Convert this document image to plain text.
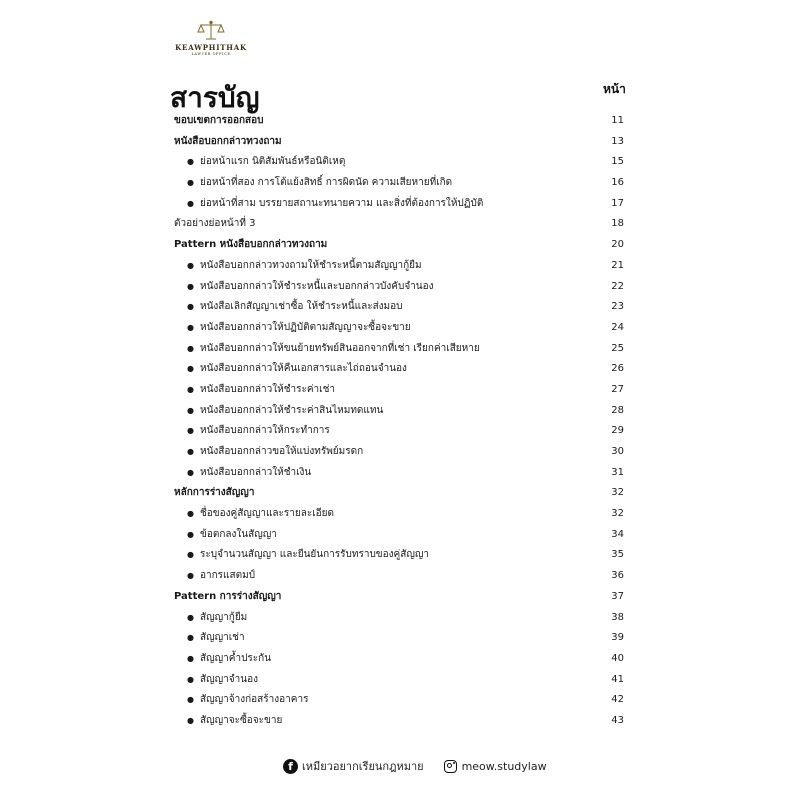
KEAWPHITHAK
LAWYER OFFICE
สารบัญ	หน้า
ขอบเขตการออกสอบ	11
หนังสือบอกกล่าวทวงถาม	13
● ย่อหน้าแรก นิติสัมพันธ์หรือนิติเหตุ	15
● ย่อหน้าที่สอง การโต้แย้งสิทธิ์ การผิดนัด ความเสียหายที่เกิด	16
● ย่อหน้าที่สาม บรรยายสถานะทนายความ และสิ่งที่ต้องการให้ปฏิบัติ	17
ตัวอย่างย่อหน้าที่ 3	18
Pattern หนังสือบอกกล่าวทวงถาม	20
● หนังสือบอกกล่าวทวงถามให้ชำระหนี้ตามสัญญากู้ยืม	21
● หนังสือบอกกล่าวให้ชำระหนี้และบอกกล่าวบังคับจำนอง	22
● หนังสือเลิกสัญญาเช่าซื้อ ให้ชำระหนี้และส่งมอบ	23
● หนังสือบอกกล่าวให้ปฏิบัติตามสัญญาจะซื้อจะขาย	24
● หนังสือบอกกล่าวให้ขนย้ายทรัพย์สินออกจากที่เช่า เรียกค่าเสียหาย	25
● หนังสือบอกกล่าวให้คืนเอกสารและไถ่ถอนจำนอง	26
● หนังสือบอกกล่าวให้ชำระค่าเช่า	27
● หนังสือบอกกล่าวให้ชำระค่าสินไหมทดแทน	28
● หนังสือบอกกล่าวให้กระทำการ	29
● หนังสือบอกกล่าวขอให้แบ่งทรัพย์มรดก	30
● หนังสือบอกกล่าวให้ชำเงิน	31
หลักการร่างสัญญา	32
● ชื่อของคู่สัญญาและรายละเอียด	32
● ข้อตกลงในสัญญา	34
● ระบุจำนวนสัญญา และยืนยันการรับทราบของคู่สัญญา	35
● อากรแสตมป์	36
Pattern การร่างสัญญา	37
● สัญญากู้ยืม	38
● สัญญาเช่า	39
● สัญญาค้ำประกัน	40
● สัญญาจำนอง	41
● สัญญาจ้างก่อสร้างอาคาร	42
● สัญญาจะซื้อจะขาย	43
f เหมียวอยากเรียนกฎหมาย	meow.studylaw
